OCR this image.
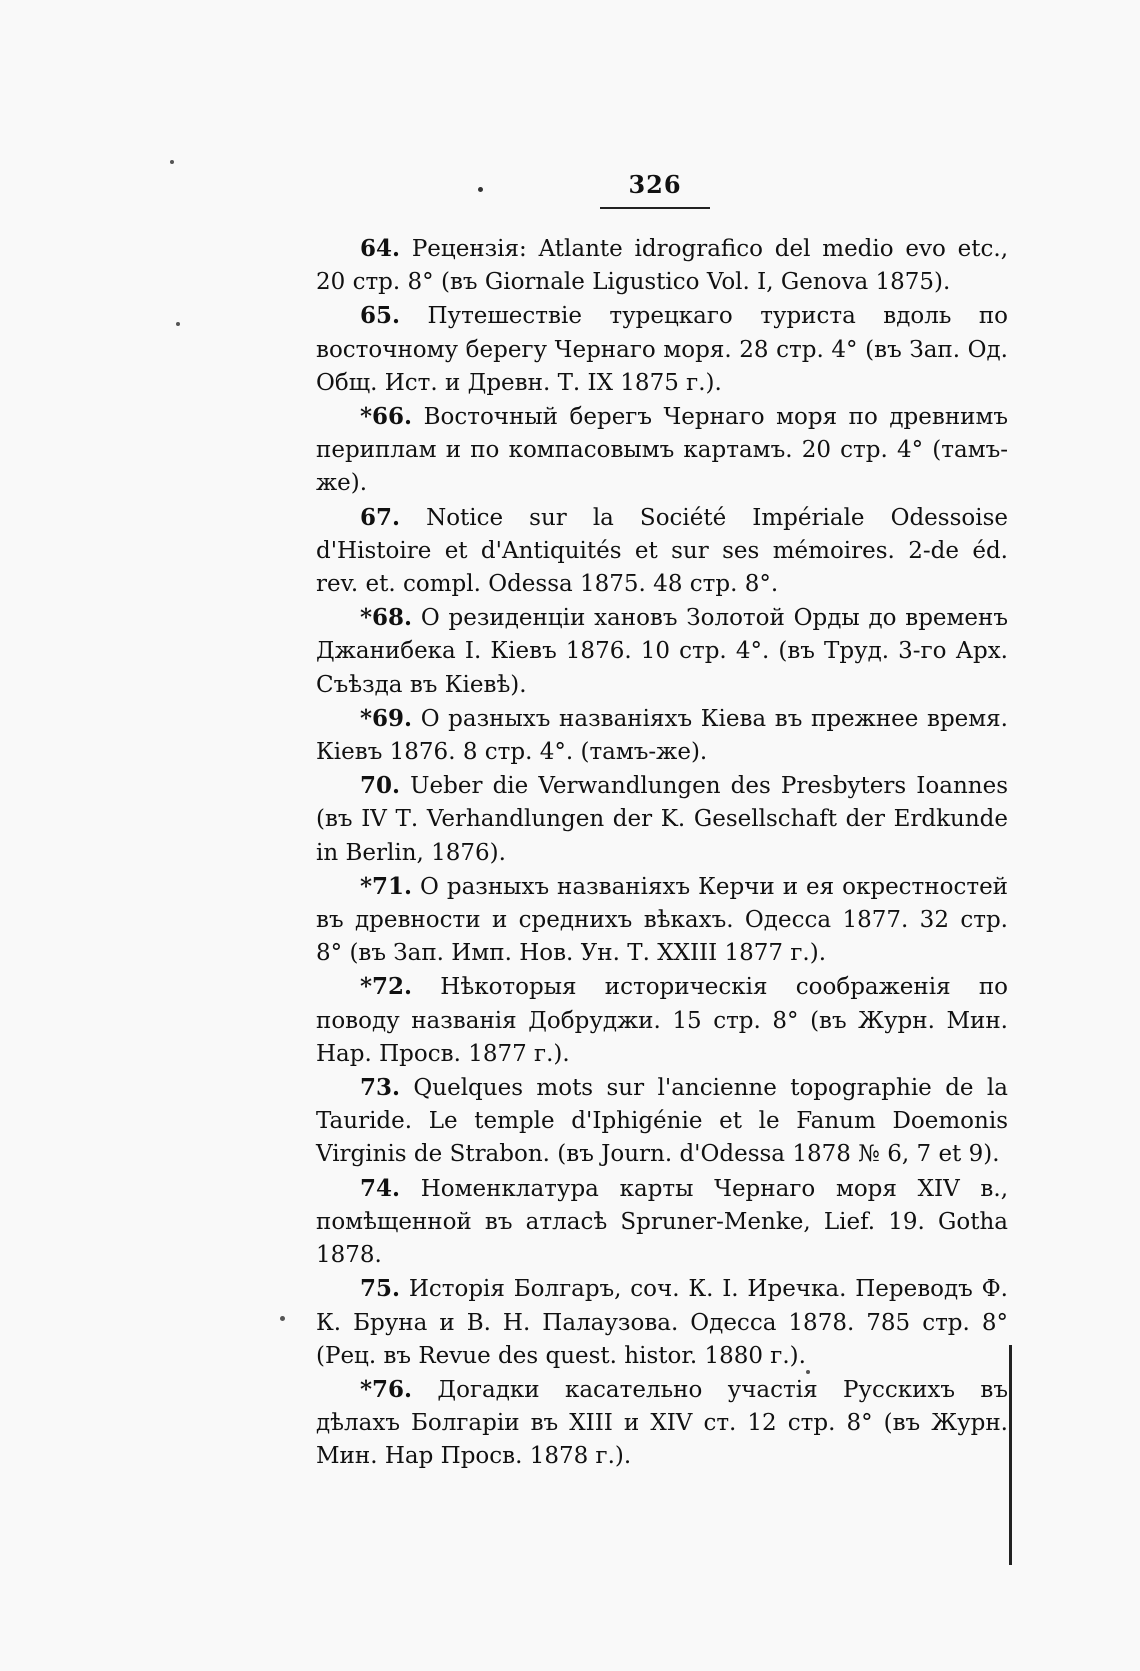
326

64. Рецензія: Atlante idrografico del medio evo etc., 20 стр. 8° (въ Giornale Ligustico Vol. I, Genova 1875).

65. Путешествіе турецкаго туриста вдоль по восточному берегу Чернаго моря. 28 стр. 4° (въ Зап. Од. Общ. Ист. и Древн. Т. IX 1875 г.).

*66. Восточный берегъ Чернаго моря по древнимъ периплам и по компасовымъ картамъ. 20 стр. 4° (тамъ-же).

67. Notice sur la Société Impériale Odessoise d'Histoire et d'Antiquités et sur ses mémoires. 2-de éd. rev. et. compl. Odessa 1875. 48 стр. 8°.

*68. О резиденціи хановъ Золотой Орды до временъ Джанибека I. Кіевъ 1876. 10 стр. 4°. (въ Труд. 3-го Арх. Съѣзда въ Кіевѣ).

*69. О разныхъ названіяхъ Кіева въ прежнее время. Кіевъ 1876. 8 стр. 4°. (тамъ-же).

70. Ueber die Verwandlungen des Presbyters Ioannes (въ IV Т. Verhandlungen der K. Gesellschaft der Erdkunde in Berlin, 1876).

*71. О разныхъ названіяхъ Керчи и ея окрестностей въ древности и среднихъ вѣкахъ. Одесса 1877. 32 стр. 8° (въ Зап. Имп. Нов. Ун. Т. XXIII 1877 г.).

*72. Нѣкоторыя историческія соображенія по поводу названія Добруджи. 15 стр. 8° (въ Журн. Мин. Нар. Просв. 1877 г.).

73. Quelques mots sur l'ancienne topographie de la Tauride. Le temple d'Iphigénie et le Fanum Doemonis Virginis de Strabon. (въ Journ. d'Odessa 1878 № 6, 7 et 9).

74. Номенклатура карты Чернаго моря XIV в., помѣщенной въ атласѣ Spruner-Menke, Lief. 19. Gotha 1878.

75. Исторія Болгаръ, соч. К. I. Иречка. Переводъ Ф. К. Бруна и В. Н. Палаузова. Одесса 1878. 785 стр. 8° (Рец. въ Revue des quest. histor. 1880 г.).

*76. Догадки касательно участія Русскихъ въ дѣлахъ Болгаріи въ XIII и XIV ст. 12 стр. 8° (въ Журн. Мин. Нар Просв. 1878 г.).
